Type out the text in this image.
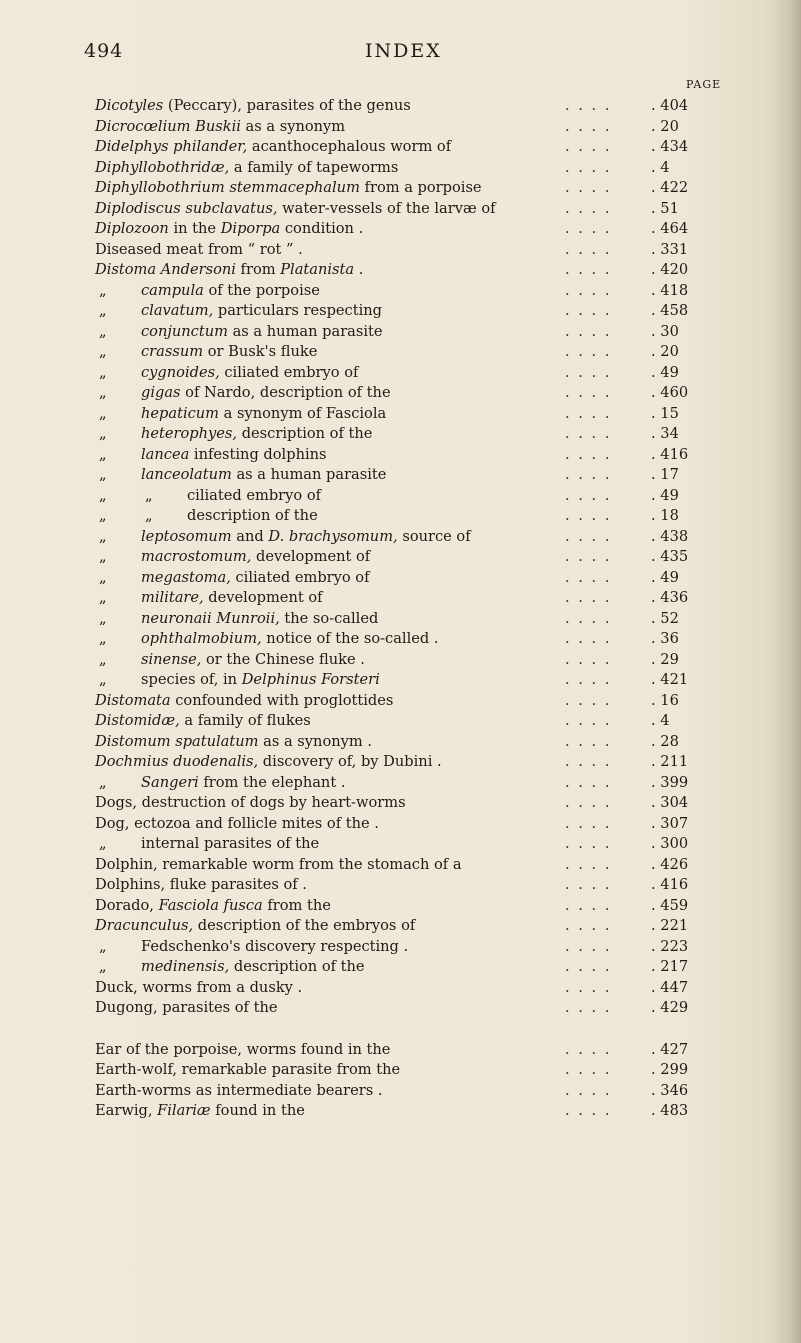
494	INDEX
PAGE
Dicotyles (Peccary), parasites of the genus	. . . .	. 404
Dicrocœlium Buskii as a synonym	. . . .	. 20
Didelphys philander, acanthocephalous worm of	. . . .	. 434
Diphyllobothridæ, a family of tapeworms	. . . .	. 4
Diphyllobothrium stemmacephalum from a porpoise	. . . .	. 422
Diplodiscus subclavatus, water-vessels of the larvæ of	. . . .	. 51
Diplozoon in the Diporpa condition .	. . . .	. 464
Diseased meat from “ rot ” .	. . . .	. 331
Distoma Andersoni from Platanista .	. . . .	. 420
„ campula of the porpoise	. . . .	. 418
„ clavatum, particulars respecting	. . . .	. 458
„ conjunctum as a human parasite	. . . .	. 30
„ crassum or Busk's fluke	. . . .	. 20
„ cygnoides, ciliated embryo of	. . . .	. 49
„ gigas of Nardo, description of the	. . . .	. 460
„ hepaticum a synonym of Fasciola	. . . .	. 15
„ heterophyes, description of the	. . . .	. 34
„ lancea infesting dolphins	. . . .	. 416
„ lanceolatum as a human parasite	. . . .	. 17
„	„ ciliated embryo of	. . . .	. 49
„	„ description of the	. . . .	. 18
„ leptosomum and D. brachysomum, source of	. . . .	. 438
„ macrostomum, development of	. . . .	. 435
„ megastoma, ciliated embryo of	. . . .	. 49
„ militare, development of	. . . .	. 436
„ neuronaii Munroii, the so-called	. . . .	. 52
„ ophthalmobium, notice of the so-called .	. . . .	. 36
„ sinense, or the Chinese fluke .	. . . .	. 29
„ species of, in Delphinus Forsteri	. . . .	. 421
Distomata confounded with proglottides	. . . .	. 16
Distomidæ, a family of flukes	. . . .	. 4
Distomum spatulatum as a synonym .	. . . .	. 28
Dochmius duodenalis, discovery of, by Dubini .	. . . .	. 211
„ Sangeri from the elephant .	. . . .	. 399
Dogs, destruction of dogs by heart-worms	. . . .	. 304
Dog, ectozoa and follicle mites of the .	. . . .	. 307
„ internal parasites of the	. . . .	. 300
Dolphin, remarkable worm from the stomach of a	. . . .	. 426
Dolphins, fluke parasites of .	. . . .	. 416
Dorado, Fasciola fusca from the	. . . .	. 459
Dracunculus, description of the embryos of	. . . .	. 221
„ Fedschenko's discovery respecting .	. . . .	. 223
„ medinensis, description of the	. . . .	. 217
Duck, worms from a dusky .	. . . .	. 447
Dugong, parasites of the	. . . .	. 429
Ear of the porpoise, worms found in the	. . . .	. 427
Earth-wolf, remarkable parasite from the	. . . .	. 299
Earth-worms as intermediate bearers .	. . . .	. 346
Earwig, Filariæ found in the	. . . .	. 483
